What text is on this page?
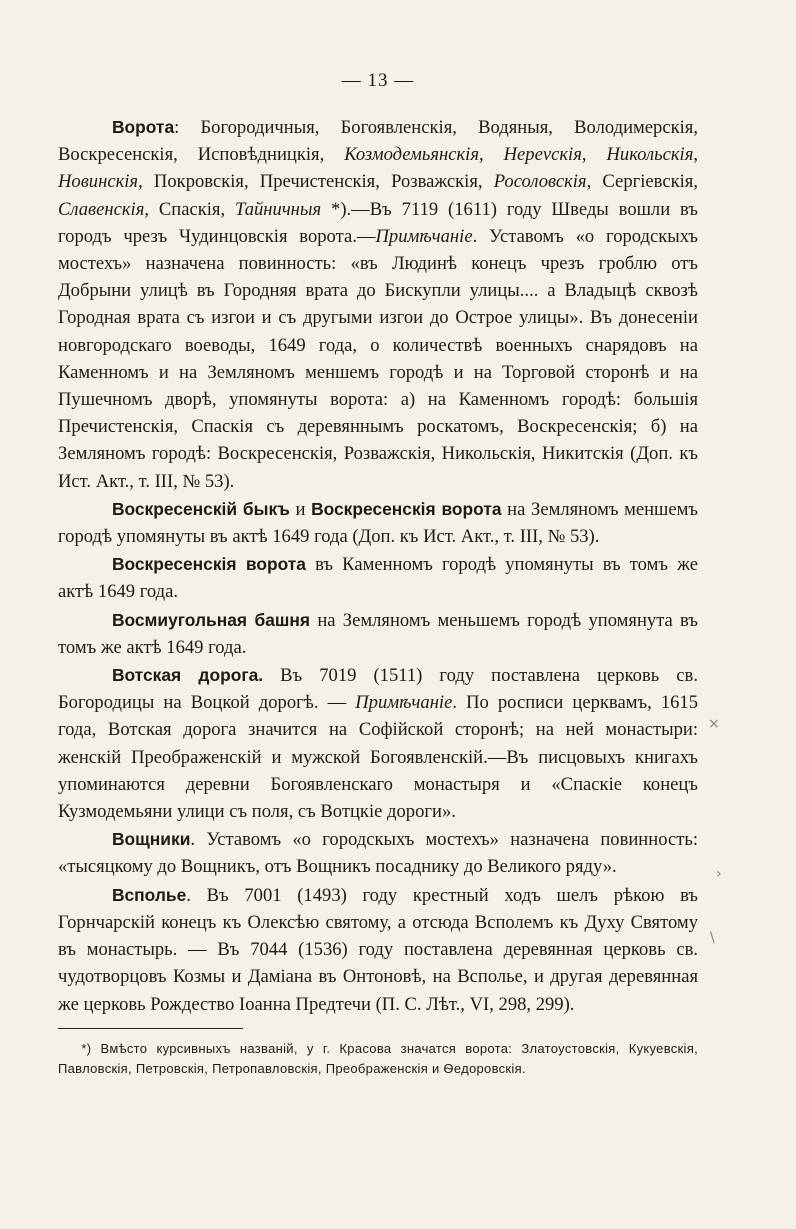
— 13 —

Ворота: Богородичныя, Богоявленскія, Водяныя, Володимерскія, Воскресенскія, Исповѣдницкія, Козмодемьянскія, Нереvскія, Никольскія, Новинскія, Покровскія, Пречистенскія, Розважскія, Росоловскія, Сергіевскія, Славенскія, Спаскія, Тайничныя *).—Въ 7119 (1611) году Шведы вошли въ городъ чрезъ Чудинцовскія ворота.—Примѣчаніе. Уставомъ «о городскыхъ мостехъ» назначена повинность: «въ Людинѣ конецъ чрезъ гроблю отъ Добрыни улицѣ въ Городняя врата до Бискупли улицы.... а Владыцѣ сквозѣ Городная врата съ изгои и съ другыми изгои до Острое улицы». Въ донесеніи новгородскаго воеводы, 1649 года, о количествѣ военныхъ снарядовъ на Каменномъ и на Земляномъ меншемъ городѣ и на Торговой сторонѣ и на Пушечномъ дворѣ, упомянуты ворота: а) на Каменномъ городѣ: большія Пречистенскія, Спаскія съ деревяннымъ роскатомъ, Воскресенскія; б) на Земляномъ городѣ: Воскресенскія, Розважскія, Никольскія, Никитскія (Доп. къ Ист. Акт., т. III, № 53).

Воскресенскій быкъ и Воскресенскія ворота на Земляномъ меншемъ городѣ упомянуты въ актѣ 1649 года (Доп. къ Ист. Акт., т. III, № 53).

Воскресенскія ворота въ Каменномъ городѣ упомянуты въ томъ же актѣ 1649 года.

Восмиугольная башня на Земляномъ меньшемъ городѣ упомянута въ томъ же актѣ 1649 года.

Вотская дорога. Въ 7019 (1511) году поставлена церковь св. Богородицы на Воцкой дорогѣ. — Примѣчаніе. По росписи церквамъ, 1615 года, Вотская дорога значится на Софійской сторонѣ; на ней монастыри: женскій Преображенскій и мужской Богоявленскій.—Въ писцовыхъ книгахъ упоминаются деревни Богоявленскаго монастыря и «Спаскіе конецъ Кузмодемьяни улици съ поля, съ Вотцкіе дороги».

Вощники. Уставомъ «о городскыхъ мостехъ» назначена повинность: «тысяцкому до Вощникъ, отъ Вощникъ посаднику до Великого ряду».

Всполье. Въ 7001 (1493) году крестный ходъ шелъ рѣкою въ Горнчарскій конецъ къ Олексѣю святому, а отсюда Всполемъ къ Духу Святому въ монастырь. — Въ 7044 (1536) году поставлена деревянная церковь св. чудотворцовъ Козмы и Даміана въ Онтоновѣ, на Всполье, и другая деревянная же церковь Рождество Іоанна Предтечи (П. С. Лѣт., VI, 298, 299).

*) Вмѣсто курсивныхъ названій, у г. Красова значатся ворота: Златоустовскія, Кукуевскія, Павловскія, Петровскія, Петропавловскія, Преображенскія и Ѳедоровскія.

×
›
\
